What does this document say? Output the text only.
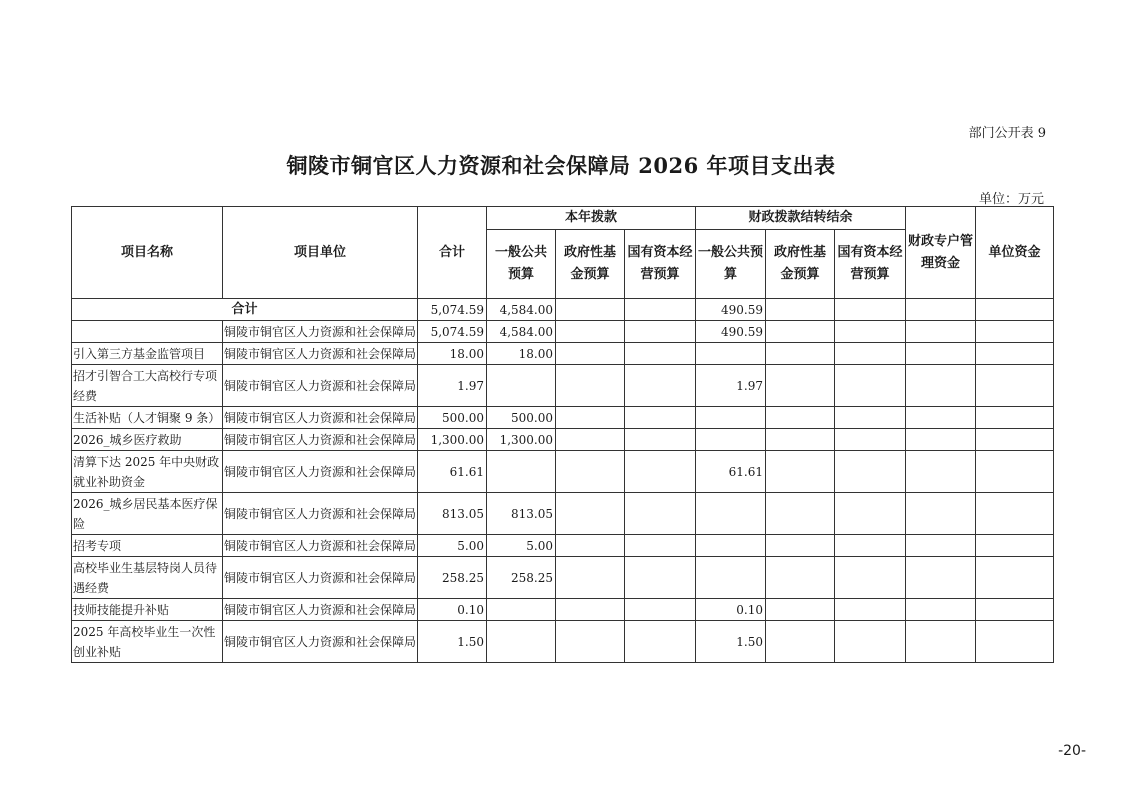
部门公开表 9
铜陵市铜官区人力资源和社会保障局 2026 年项目支出表
单位：万元
项目名称	项目单位	合计	本年拨款			财政拨款结转结余			财政专户管理资金	单位资金
			一般公共预算	政府性基金预算	国有资本经营预算	一般公共预算	政府性基金预算	国有资本经营预算		
合计		5,074.59	4,584.00			490.59				
	铜陵市铜官区人力资源和社会保障局	5,074.59	4,584.00			490.59				
引入第三方基金监管项目	铜陵市铜官区人力资源和社会保障局	18.00	18.00							
招才引智合工大高校行专项经费	铜陵市铜官区人力资源和社会保障局	1.97				1.97				
生活补贴（人才铜聚 9 条）	铜陵市铜官区人力资源和社会保障局	500.00	500.00							
2026_城乡医疗救助	铜陵市铜官区人力资源和社会保障局	1,300.00	1,300.00							
清算下达 2025 年中央财政就业补助资金	铜陵市铜官区人力资源和社会保障局	61.61				61.61				
2026_城乡居民基本医疗保险	铜陵市铜官区人力资源和社会保障局	813.05	813.05							
招考专项	铜陵市铜官区人力资源和社会保障局	5.00	5.00							
高校毕业生基层特岗人员待遇经费	铜陵市铜官区人力资源和社会保障局	258.25	258.25							
技师技能提升补贴	铜陵市铜官区人力资源和社会保障局	0.10				0.10				
2025 年高校毕业生一次性创业补贴	铜陵市铜官区人力资源和社会保障局	1.50				1.50				
-20-
